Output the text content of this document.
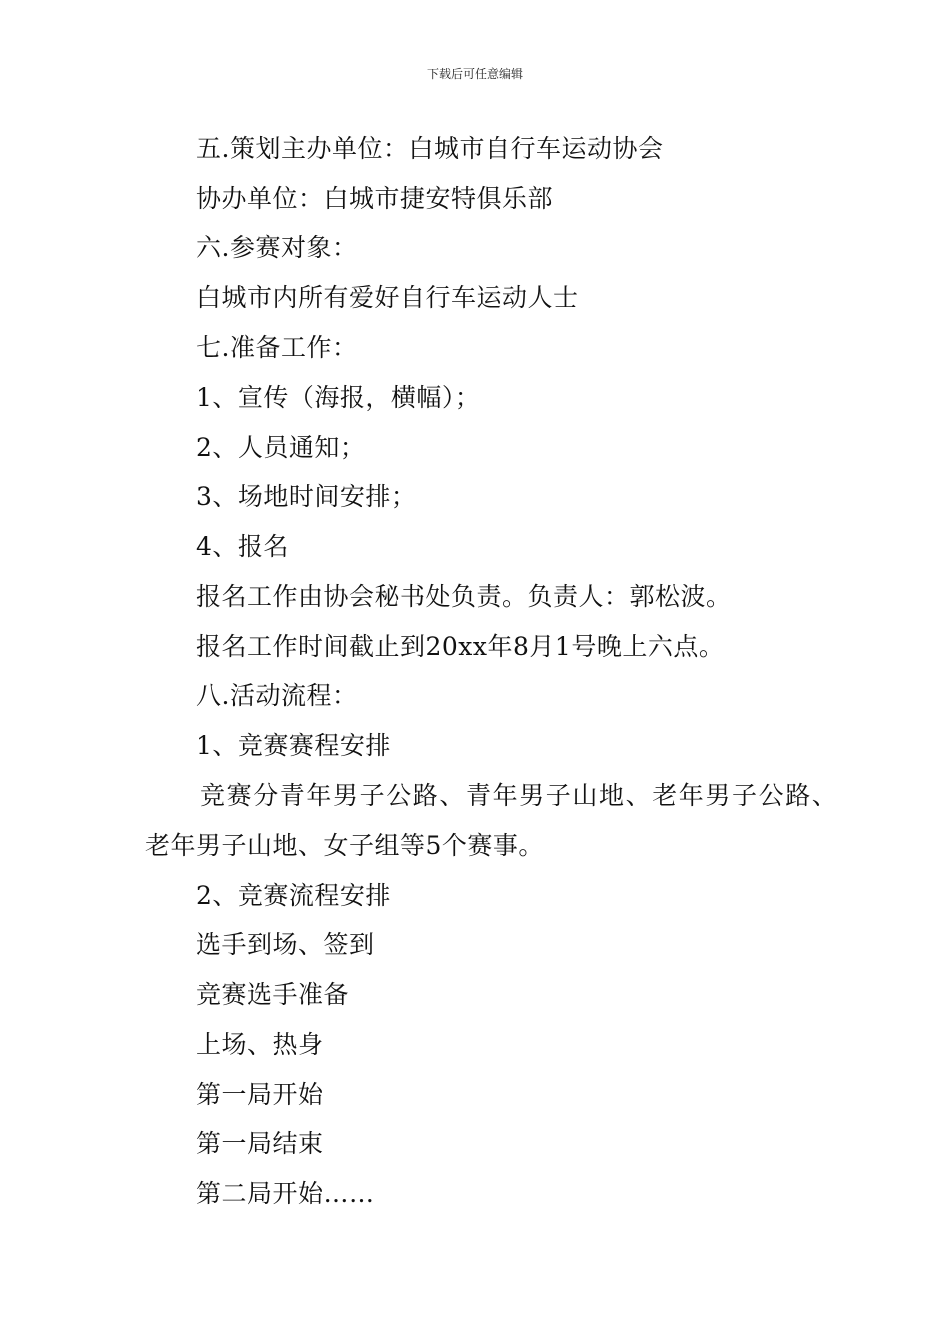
下载后可任意编辑
五.策划主办单位：白城市自行车运动协会
协办单位：白城市捷安特俱乐部
六.参赛对象：
白城市内所有爱好自行车运动人士
七.准备工作：
1、宣传（海报，横幅）；
2、人员通知；
3、场地时间安排；
4、报名
报名工作由协会秘书处负责。负责人：郭松波。
报名工作时间截止到20xx年8月1号晚上六点。
八.活动流程：
1、竞赛赛程安排
竞赛分青年男子公路、青年男子山地、老年男子公路、
老年男子山地、女子组等5个赛事。
2、竞赛流程安排
选手到场、签到
竞赛选手准备
上场、热身
第一局开始
第一局结束
第二局开始……
